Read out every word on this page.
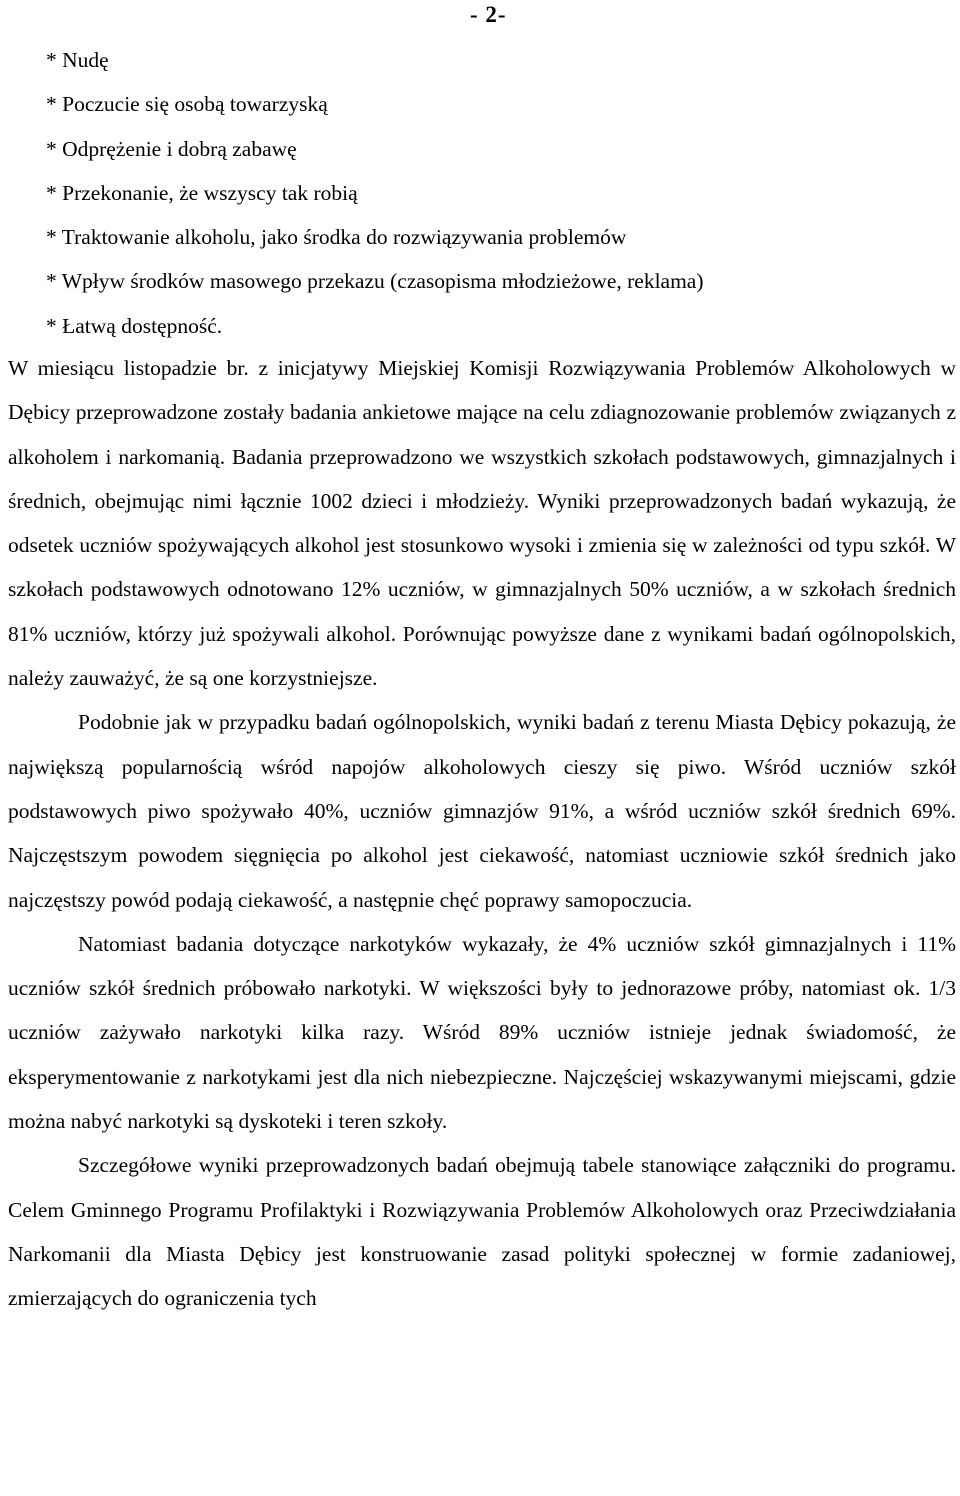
- 2-
* Nudę
* Poczucie się osobą towarzyską
* Odprężenie i dobrą zabawę
* Przekonanie, że wszyscy tak robią
* Traktowanie alkoholu, jako środka do rozwiązywania problemów
* Wpływ środków masowego przekazu (czasopisma młodzieżowe, reklama)
* Łatwą dostępność.

W miesiącu listopadzie br. z inicjatywy Miejskiej Komisji Rozwiązywania Problemów Alkoholowych w Dębicy przeprowadzone zostały badania ankietowe mające na celu zdiagnozowanie problemów związanych z alkoholem i narkomanią. Badania przeprowadzono we wszystkich szkołach podstawowych, gimnazjalnych i średnich, obejmując nimi łącznie 1002 dzieci i młodzieży. Wyniki przeprowadzonych badań wykazują, że odsetek uczniów spożywających alkohol jest stosunkowo wysoki i zmienia się w zależności od typu szkół. W szkołach podstawowych odnotowano 12% uczniów, w gimnazjalnych 50% uczniów, a w szkołach średnich 81% uczniów, którzy już spożywali alkohol. Porównując powyższe dane z wynikami badań ogólnopolskich, należy zauważyć, że są one korzystniejsze.

Podobnie jak w przypadku badań ogólnopolskich, wyniki badań z terenu Miasta Dębicy pokazują, że największą popularnością wśród napojów alkoholowych cieszy się piwo. Wśród uczniów szkół podstawowych piwo spożywało 40%, uczniów gimnazjów 91%, a wśród uczniów szkół średnich 69%. Najczęstszym powodem sięgnięcia po alkohol jest ciekawość, natomiast uczniowie szkół średnich jako najczęstszy powód podają ciekawość, a następnie chęć poprawy samopoczucia.

Natomiast badania dotyczące narkotyków wykazały, że 4% uczniów szkół gimnazjalnych i 11% uczniów szkół średnich próbowało narkotyki. W większości były to jednorazowe próby, natomiast ok. 1/3 uczniów zażywało narkotyki kilka razy. Wśród 89% uczniów istnieje jednak świadomość, że eksperymentowanie z narkotykami jest dla nich niebezpieczne. Najczęściej wskazywanymi miejscami, gdzie można nabyć narkotyki są dyskoteki i teren szkoły.

Szczegółowe wyniki przeprowadzonych badań obejmują tabele stanowiące załączniki do programu. Celem Gminnego Programu Profilaktyki i Rozwiązywania Problemów Alkoholowych oraz Przeciwdziałania Narkomanii dla Miasta Dębicy jest konstruowanie zasad polityki społecznej w formie zadaniowej, zmierzających do ograniczenia tych
